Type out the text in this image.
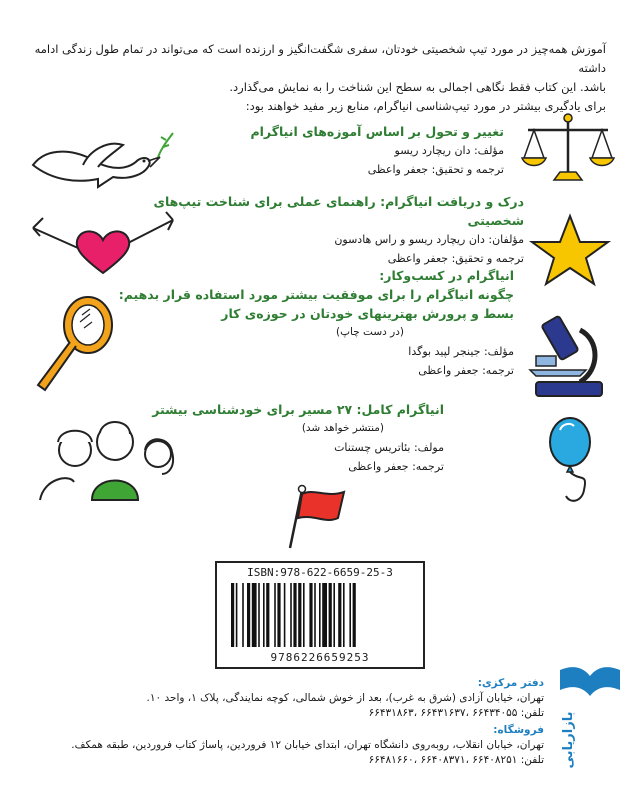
آموزش همه‌چیز در مورد تیپ شخصیتی خودتان، سفری شگفت‌انگیز و ارزنده است که می‌تواند در تمام طول زندگی ادامه داشته

باشد. این کتاب فقط نگاهی اجمالی به سطح این شناخت را به نمایش می‌گذارد.

برای یادگیری بیشتر در مورد تیپ‌شناسی انیاگرام، منابع زیر مفید خواهند بود:

تغییر و تحول بر اساس آموزه‌های انیاگرام

مؤلف: دان ریچارد ریسو

ترجمه و تحقیق: جعفر واعظی

درک و دریافت انیاگرام: راهنمای عملی برای شناخت تیپ‌های شخصیتی

مؤلفان: دان ریچارد ریسو و راس هادسون

ترجمه و تحقیق: جعفر واعظی

انیاگرام در کسب‌وکار:

چگونه انیاگرام را برای موفقیت بیشتر مورد استفاده قرار بدهیم:

بسط و پرورش بهترینهای خودتان در حوزه‌ی کار

(در دست چاپ)

مؤلف: جینجر لپید بوگدا

ترجمه: جعفر واعظی

انیاگرام کامل: ۲۷ مسیر برای خودشناسی بیشتر

(منتشر خواهد شد)

مولف: بئاتریس چستنات

ترجمه: جعفر واعظی

ISBN:978-622-6659-25-3
9786226659253
دفتر مرکزی:
تهران، خیابان آزادی (شرق به غرب)، بعد از خوش شمالی، کوچه نمایندگی، پلاک ۱، واحد ۱۰.
تلفن: ۶۶۴۳۴۰۵۵ ،۶۶۴۳۱۶۳۷ ،۶۶۴۳۱۸۶۳
فروشگاه:
تهران، خیابان انقلاب، روبه‌روی دانشگاه تهران، ابتدای خیابان ۱۲ فروردین، پاساژ کتاب فروردین، طبقه همکف.
تلفن: ۶۶۴۰۸۲۵۱ ،۶۶۴۰۸۳۷۱ ،۶۶۴۸۱۶۶۰ بازاریابی
